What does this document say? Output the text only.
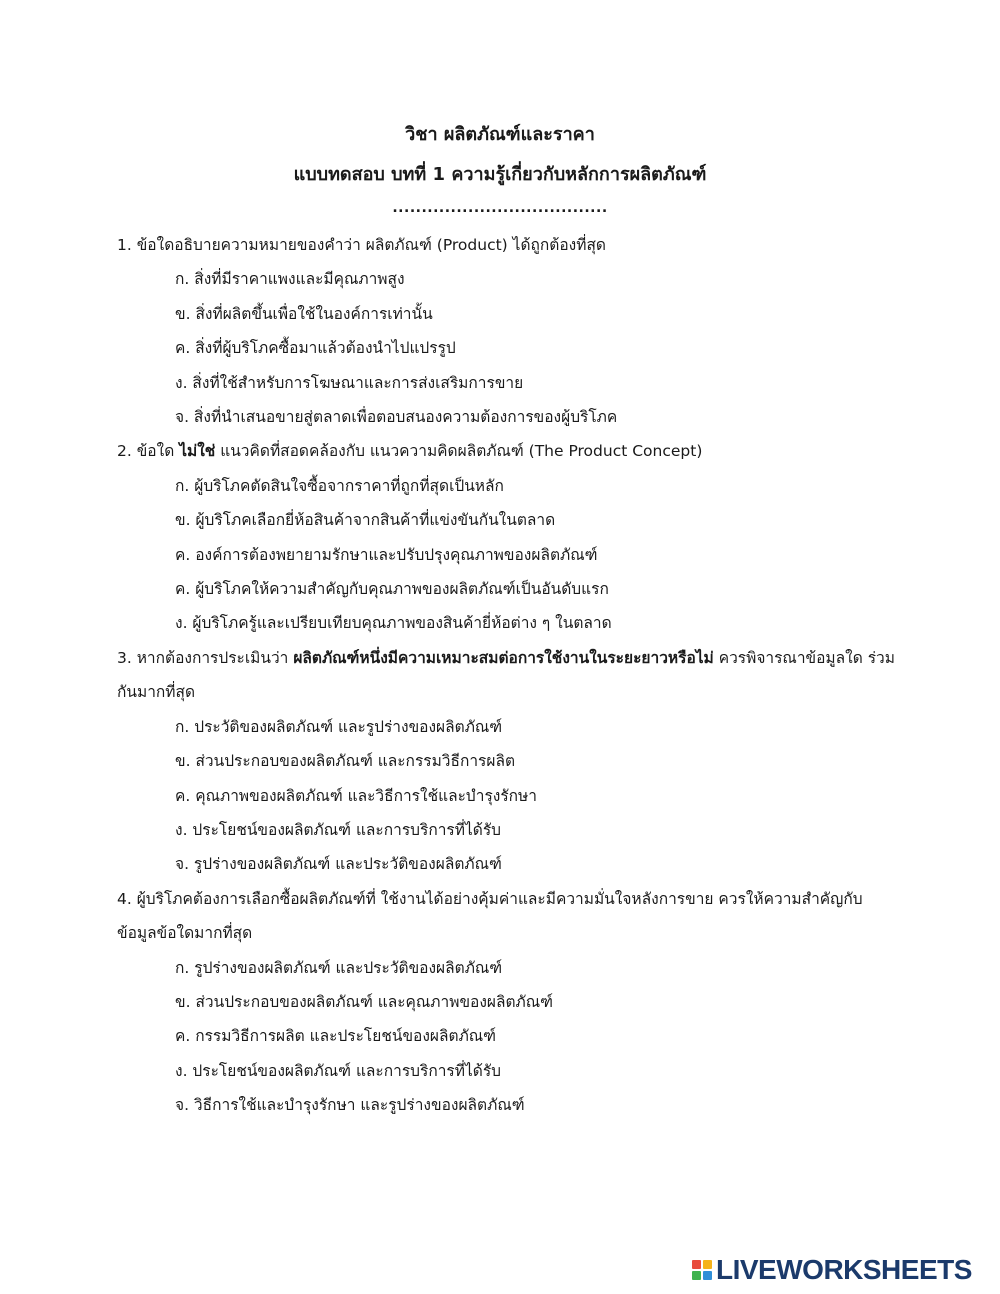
วิชา ผลิตภัณฑ์และราคา
แบบทดสอบ บทที่ 1 ความรู้เกี่ยวกับหลักการผลิตภัณฑ์
.....................................

1. ข้อใดอธิบายความหมายของคำว่า ผลิตภัณฑ์ (Product) ได้ถูกต้องที่สุด

ก. สิ่งที่มีราคาแพงและมีคุณภาพสูง
ข. สิ่งที่ผลิตขึ้นเพื่อใช้ในองค์การเท่านั้น
ค. สิ่งที่ผู้บริโภคซื้อมาแล้วต้องนำไปแปรรูป
ง. สิ่งที่ใช้สำหรับการโฆษณาและการส่งเสริมการขาย
จ. สิ่งที่นำเสนอขายสู่ตลาดเพื่อตอบสนองความต้องการของผู้บริโภค

2. ข้อใด ไม่ใช่ แนวคิดที่สอดคล้องกับ แนวความคิดผลิตภัณฑ์ (The Product Concept)

ก. ผู้บริโภคตัดสินใจซื้อจากราคาที่ถูกที่สุดเป็นหลัก
ข. ผู้บริโภคเลือกยี่ห้อสินค้าจากสินค้าที่แข่งขันกันในตลาด
ค. องค์การต้องพยายามรักษาและปรับปรุงคุณภาพของผลิตภัณฑ์
ค. ผู้บริโภคให้ความสำคัญกับคุณภาพของผลิตภัณฑ์เป็นอันดับแรก
ง. ผู้บริโภครู้และเปรียบเทียบคุณภาพของสินค้ายี่ห้อต่าง ๆ ในตลาด

3. หากต้องการประเมินว่า ผลิตภัณฑ์หนึ่งมีความเหมาะสมต่อการใช้งานในระยะยาวหรือไม่ ควรพิจารณาข้อมูลใด ร่วมกันมากที่สุด

ก. ประวัติของผลิตภัณฑ์ และรูปร่างของผลิตภัณฑ์
ข. ส่วนประกอบของผลิตภัณฑ์ และกรรมวิธีการผลิต
ค. คุณภาพของผลิตภัณฑ์ และวิธีการใช้และบำรุงรักษา
ง. ประโยชน์ของผลิตภัณฑ์ และการบริการที่ได้รับ
จ. รูปร่างของผลิตภัณฑ์ และประวัติของผลิตภัณฑ์

4. ผู้บริโภคต้องการเลือกซื้อผลิตภัณฑ์ที่ ใช้งานได้อย่างคุ้มค่าและมีความมั่นใจหลังการขาย ควรให้ความสำคัญกับข้อมูลข้อใดมากที่สุด

ก. รูปร่างของผลิตภัณฑ์ และประวัติของผลิตภัณฑ์
ข. ส่วนประกอบของผลิตภัณฑ์ และคุณภาพของผลิตภัณฑ์
ค. กรรมวิธีการผลิต และประโยชน์ของผลิตภัณฑ์
ง. ประโยชน์ของผลิตภัณฑ์ และการบริการที่ได้รับ
จ. วิธีการใช้และบำรุงรักษา และรูปร่างของผลิตภัณฑ์
LIVEWORKSHEETS
